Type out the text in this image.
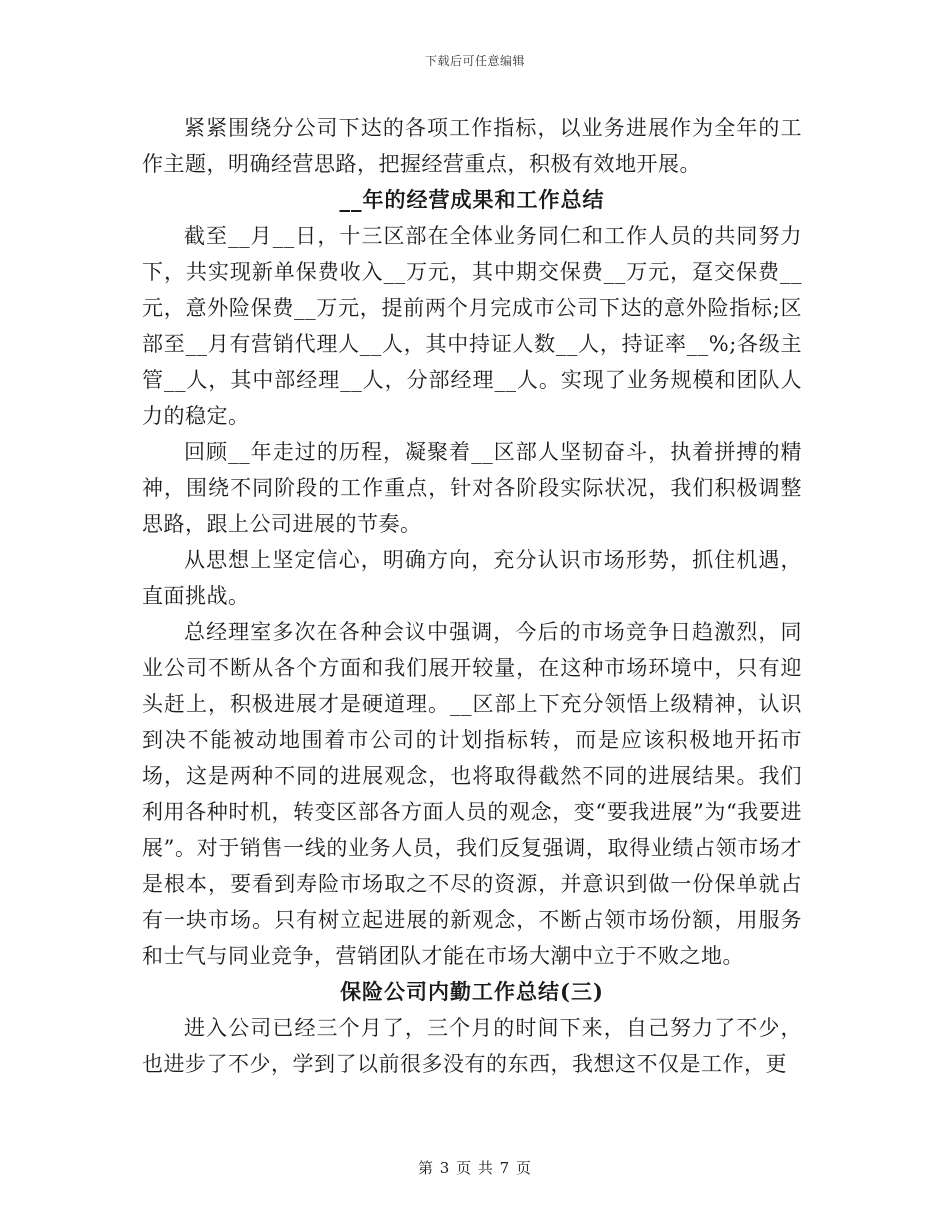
下载后可任意编辑

紧紧围绕分公司下达的各项工作指标，以业务进展作为全年的工作主题，明确经营思路，把握经营重点，积极有效地开展。

__年的经营成果和工作总结

截至__月__日，十三区部在全体业务同仁和工作人员的共同努力下，共实现新单保费收入__万元，其中期交保费__万元，趸交保费__元，意外险保费__万元，提前两个月完成市公司下达的意外险指标;区部至__月有营销代理人__人，其中持证人数__人，持证率__%;各级主管__人，其中部经理__人，分部经理__人。实现了业务规模和团队人力的稳定。

回顾__年走过的历程，凝聚着__区部人坚韧奋斗，执着拼搏的精神，围绕不同阶段的工作重点，针对各阶段实际状况，我们积极调整思路，跟上公司进展的节奏。

从思想上坚定信心，明确方向，充分认识市场形势，抓住机遇，直面挑战。

总经理室多次在各种会议中强调，今后的市场竞争日趋激烈，同业公司不断从各个方面和我们展开较量，在这种市场环境中，只有迎头赶上，积极进展才是硬道理。__区部上下充分领悟上级精神，认识到决不能被动地围着市公司的计划指标转，而是应该积极地开拓市场，这是两种不同的进展观念，也将取得截然不同的进展结果。我们利用各种时机，转变区部各方面人员的观念，变“要我进展”为“我要进展”。对于销售一线的业务人员，我们反复强调，取得业绩占领市场才是根本，要看到寿险市场取之不尽的资源，并意识到做一份保单就占有一块市场。只有树立起进展的新观念，不断占领市场份额，用服务和士气与同业竞争，营销团队才能在市场大潮中立于不败之地。

保险公司内勤工作总结(三)

进入公司已经三个月了，三个月的时间下来，自己努力了不少，也进步了不少，学到了以前很多没有的东西，我想这不仅是工作，更

第 3 页 共 7 页
